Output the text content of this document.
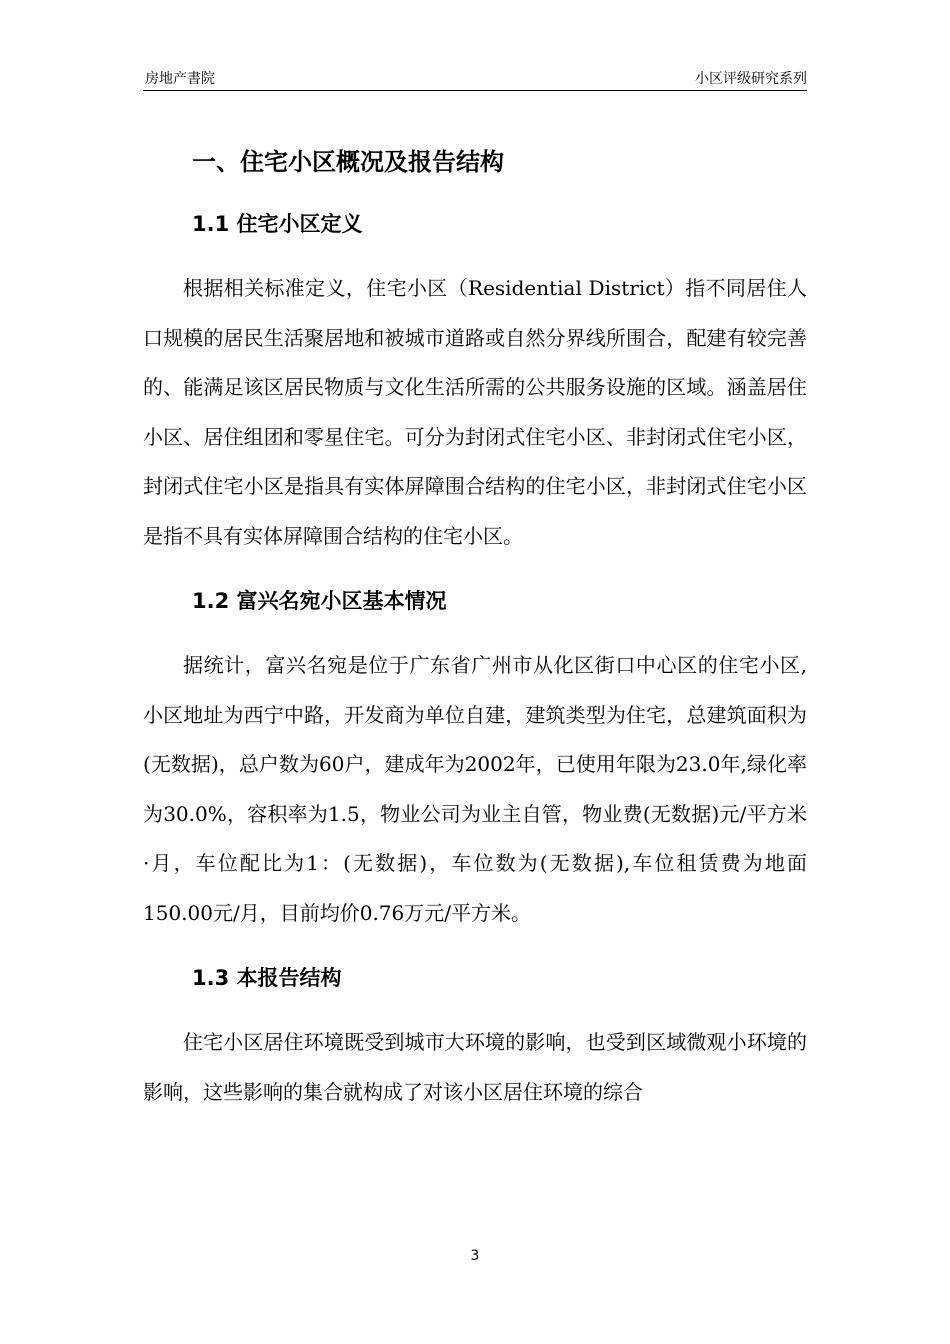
房地产書院	小区评级研究系列
一、住宅小区概况及报告结构
1.1 住宅小区定义

根据相关标准定义，住宅小区（Residential District）指不同居住人口规模的居民生活聚居地和被城市道路或自然分界线所围合，配建有较完善的、能满足该区居民物质与文化生活所需的公共服务设施的区域。涵盖居住小区、居住组团和零星住宅。可分为封闭式住宅小区、非封闭式住宅小区，封闭式住宅小区是指具有实体屏障围合结构的住宅小区，非封闭式住宅小区是指不具有实体屏障围合结构的住宅小区。

1.2 富兴名宛小区基本情况

据统计，富兴名宛是位于广东省广州市从化区街口中心区的住宅小区,小区地址为西宁中路，开发商为单位自建，建筑类型为住宅，总建筑面积为(无数据)，总户数为60户，建成年为2002年，已使用年限为23.0年,绿化率为30.0%，容积率为1.5，物业公司为业主自管，物业费(无数据)元/平方米·月，车位配比为1：(无数据)，车位数为(无数据),车位租赁费为地面150.00元/月，目前均价0.76万元/平方米。

1.3 本报告结构

住宅小区居住环境既受到城市大环境的影响，也受到区域微观小环境的影响，这些影响的集合就构成了对该小区居住环境的综合

3
